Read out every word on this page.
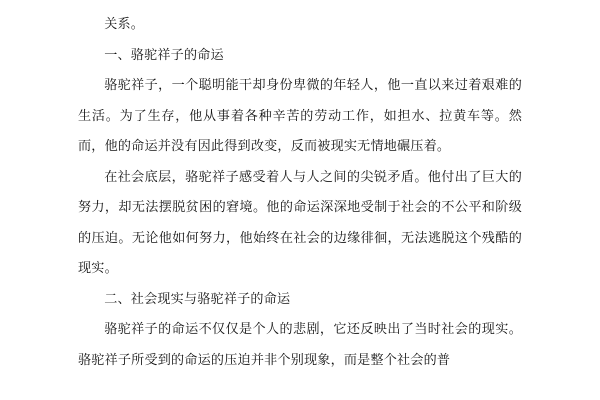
关系。

一、骆驼祥子的命运

骆驼祥子，一个聪明能干却身份卑微的年轻人，他一直以来过着艰难的生活。为了生存，他从事着各种辛苦的劳动工作，如担水、拉黄车等。然而，他的命运并没有因此得到改变，反而被现实无情地碾压着。

在社会底层，骆驼祥子感受着人与人之间的尖锐矛盾。他付出了巨大的努力，却无法摆脱贫困的窘境。他的命运深深地受制于社会的不公平和阶级的压迫。无论他如何努力，他始终在社会的边缘徘徊，无法逃脱这个残酷的现实。

二、社会现实与骆驼祥子的命运

骆驼祥子的命运不仅仅是个人的悲剧，它还反映出了当时社会的现实。骆驼祥子所受到的命运的压迫并非个别现象，而是整个社会的普
